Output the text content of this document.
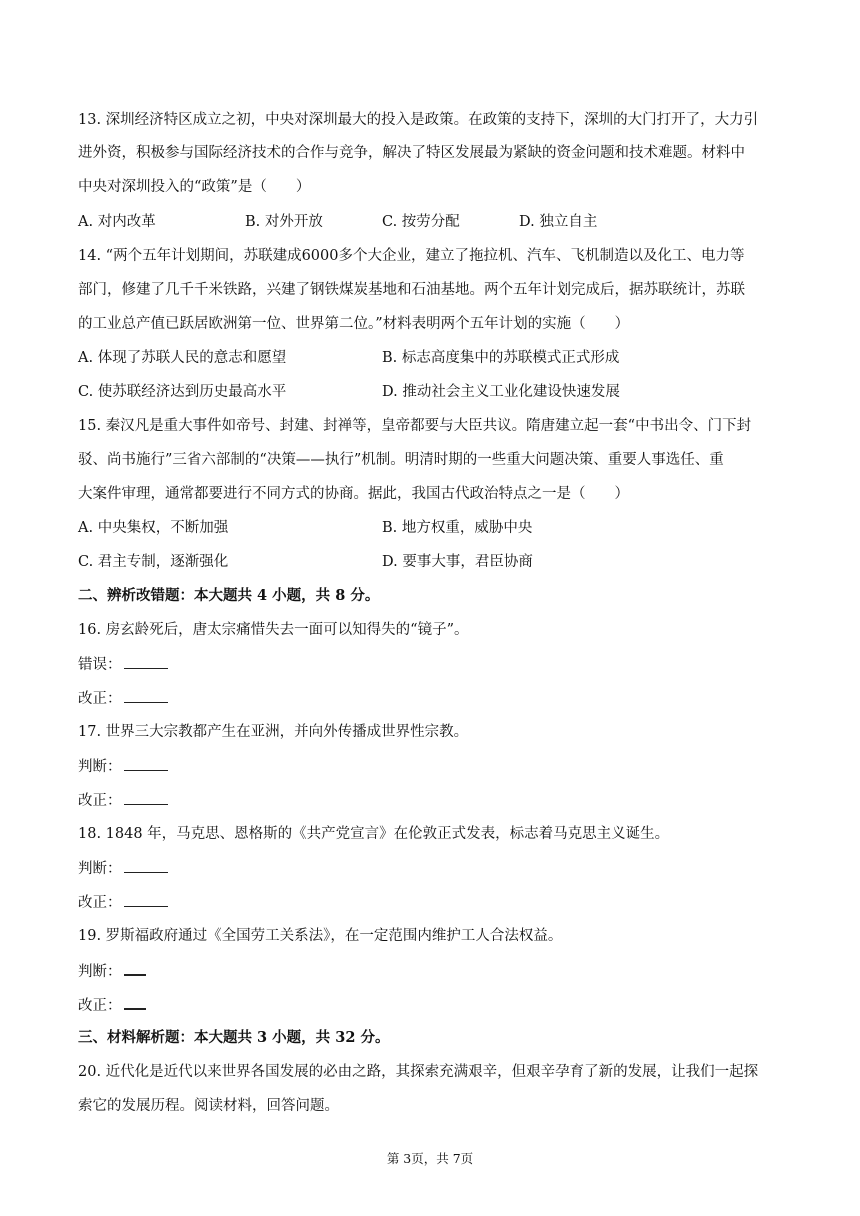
13. 深圳经济特区成立之初，中央对深圳最大的投入是政策。在政策的支持下，深圳的大门打开了，大力引
进外资，积极参与国际经济技术的合作与竞争，解决了特区发展最为紧缺的资金问题和技术难题。材料中
中央对深圳投入的“政策”是（　　）
A. 对内改革	B. 对外开放	C. 按劳分配	D. 独立自主
14. “两个五年计划期间，苏联建成6000多个大企业，建立了拖拉机、汽车、飞机制造以及化工、电力等
部门，修建了几千千米铁路，兴建了钢铁煤炭基地和石油基地。两个五年计划完成后，据苏联统计，苏联
的工业总产值已跃居欧洲第一位、世界第二位。”材料表明两个五年计划的实施（　　）
A. 体现了苏联人民的意志和愿望	B. 标志高度集中的苏联模式正式形成
C. 使苏联经济达到历史最高水平	D. 推动社会主义工业化建设快速发展
15. 秦汉凡是重大事件如帝号、封建、封禅等，皇帝都要与大臣共议。隋唐建立起一套“中书出令、门下封
驳、尚书施行”三省六部制的“决策——执行”机制。明清时期的一些重大问题决策、重要人事选任、重
大案件审理，通常都要进行不同方式的协商。据此，我国古代政治特点之一是（　　）
A. 中央集权，不断加强	B. 地方权重，威胁中央
C. 君主专制，逐渐强化	D. 要事大事，君臣协商
二、辨析改错题：本大题共 4 小题，共 8 分。
16. 房玄龄死后，唐太宗痛惜失去一面可以知得失的“镜子”。
错误：
改正：
17. 世界三大宗教都产生在亚洲，并向外传播成世界性宗教。
判断：
改正：
18. 1848 年，马克思、恩格斯的《共产党宣言》在伦敦正式发表，标志着马克思主义诞生。
判断：
改正：
19. 罗斯福政府通过《全国劳工关系法》，在一定范围内维护工人合法权益。
判断：
改正：
三、材料解析题：本大题共 3 小题，共 32 分。
20. 近代化是近代以来世界各国发展的必由之路，其探索充满艰辛，但艰辛孕育了新的发展，让我们一起探
索它的发展历程。阅读材料，回答问题。
第 3页，共 7页
